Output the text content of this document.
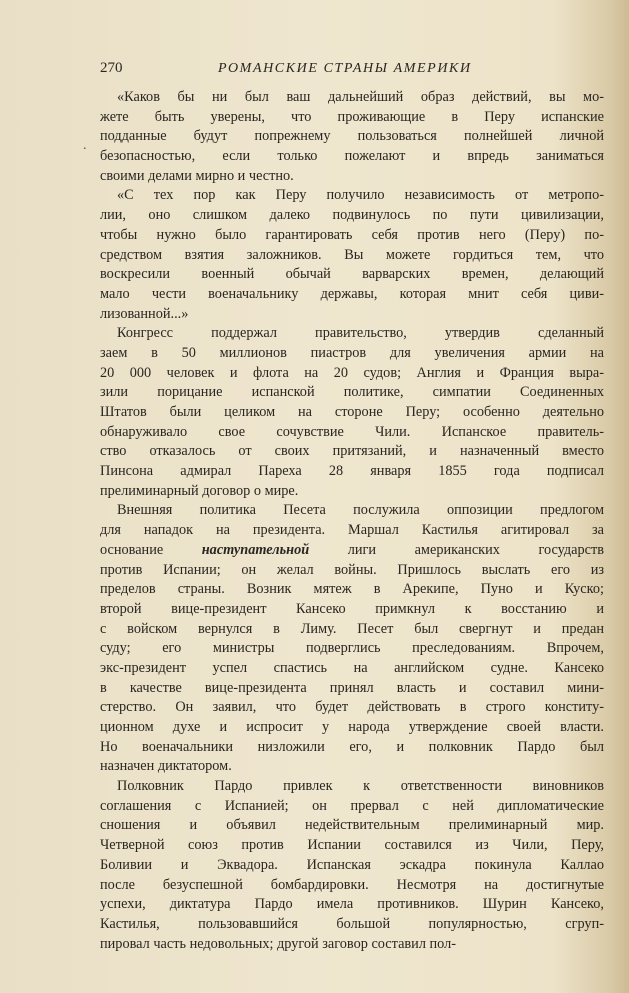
270	РОМАНСКИЕ СТРАНЫ АМЕРИКИ
.
«Каков бы ни был ваш дальнейший образ действий, вы мо-
жете быть уверены, что проживающие в Перу испанские
подданные будут попрежнему пользоваться полнейшей личной
безопасностью, если только пожелают и впредь заниматься
своими делами мирно и честно.
«С тех пор как Перу получило независимость от метропо-
лии, оно слишком далеко подвинулось по пути цивилизации,
чтобы нужно было гарантировать себя против него (Перу) по-
средством взятия заложников. Вы можете гордиться тем, что
воскресили военный обычай варварских времен, делающий
мало чести военачальнику державы, которая мнит себя циви-
лизованной...»
Конгресс поддержал правительство, утвердив сделанный
заем в 50 миллионов пиастров для увеличения армии на
20 000 человек и флота на 20 судов; Англия и Франция выра-
зили порицание испанской политике, симпатии Соединенных
Штатов были целиком на стороне Перу; особенно деятельно
обнаруживало свое сочувствие Чили. Испанское правитель-
ство отказалось от своих притязаний, и назначенный вместо
Пинсона адмирал Пареха 28 января 1855 года подписал
прелиминарный договор о мире.
Внешняя политика Песета послужила оппозиции предлогом
для нападок на президента. Маршал Кастилья агитировал за
основание наступательной лиги американских государств
против Испании; он желал войны. Пришлось выслать его из
пределов страны. Возник мятеж в Арекипе, Пуно и Куско;
второй вице-президент Кансеко примкнул к восстанию и
с войском вернулся в Лиму. Песет был свергнут и предан
суду; его министры подверглись преследованиям. Впрочем,
экс-президент успел спастись на английском судне. Кансеко
в качестве вице-президента принял власть и составил мини-
стерство. Он заявил, что будет действовать в строго конститу-
ционном духе и испросит у народа утверждение своей власти.
Но военачальники низложили его, и полковник Пардо был
назначен диктатором.
Полковник Пардо привлек к ответственности виновников
соглашения с Испанией; он прервал с ней дипломатические
сношения и объявил недействительным прелиминарный мир.
Четверной союз против Испании составился из Чили, Перу,
Боливии и Эквадора. Испанская эскадра покинула Каллао
после безуспешной бомбардировки. Несмотря на достигнутые
успехи, диктатура Пардо имела противников. Шурин Кансеко,
Кастилья, пользовавшийся большой популярностью, сгруп-
пировал часть недовольных; другой заговор составил пол-
